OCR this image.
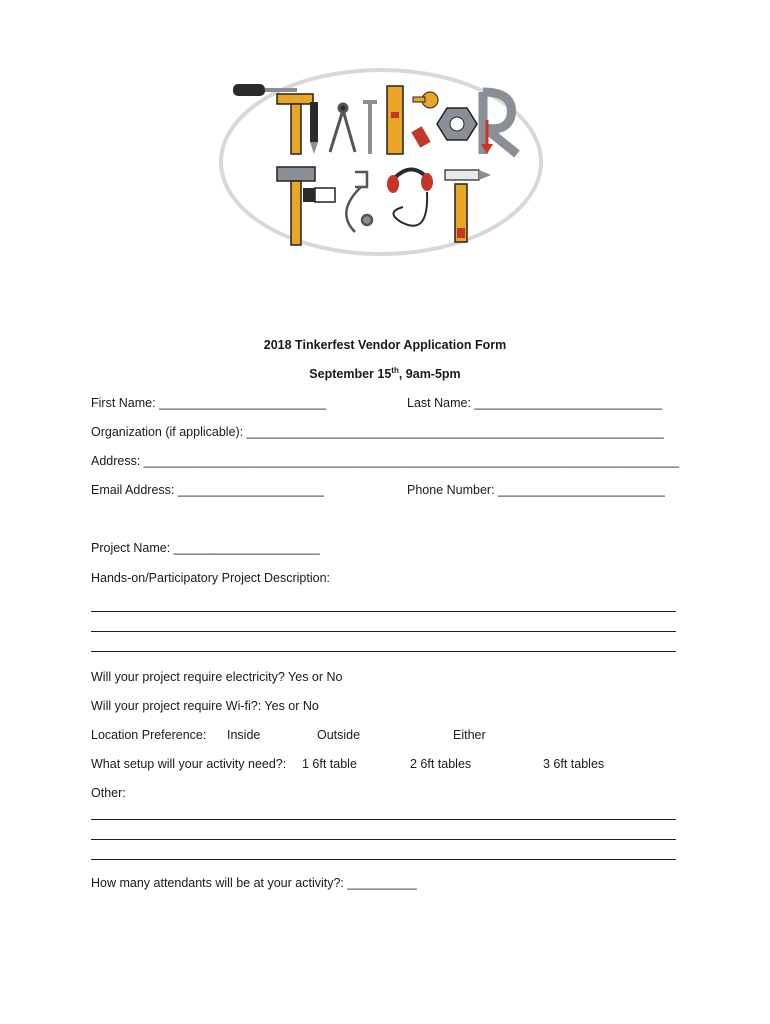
2018 Tinkerfest Vendor Application Form
September 15th, 9am-5pm
First Name: ________________________	Last Name: ___________________________
Organization (if applicable): ____________________________________________________________
Address: _____________________________________________________________________________
Email Address: _____________________	Phone Number: ________________________
Project Name: _____________________
Hands-on/Participatory Project Description:
Will your project require electricity? Yes or No
Will your project require Wi-fi?: Yes or No
Location Preference: Inside	Outside	Either
What setup will your activity need?: 1 6ft table	2 6ft tables	3 6ft tables
Other:
How many attendants will be at your activity?: __________
